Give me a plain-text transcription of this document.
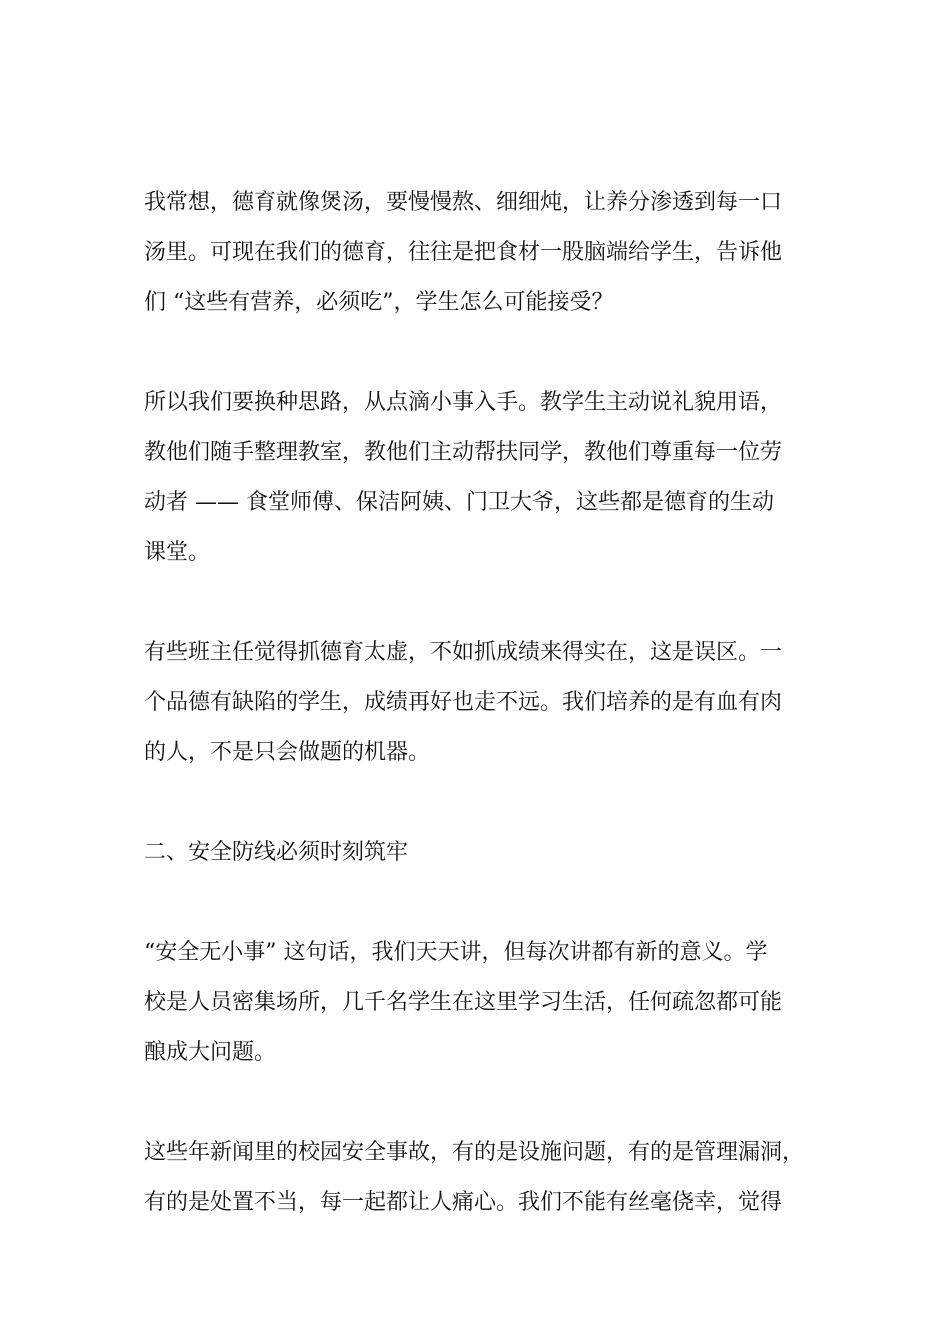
我常想，德育就像煲汤，要慢慢熬、细细炖，让养分渗透到每一口
汤里。可现在我们的德育，往往是把食材一股脑端给学生，告诉他
们 “这些有营养，必须吃”，学生怎么可能接受？

所以我们要换种思路，从点滴小事入手。教学生主动说礼貌用语，
教他们随手整理教室，教他们主动帮扶同学，教他们尊重每一位劳
动者 —— 食堂师傅、保洁阿姨、门卫大爷，这些都是德育的生动
课堂。

有些班主任觉得抓德育太虚，不如抓成绩来得实在，这是误区。一
个品德有缺陷的学生，成绩再好也走不远。我们培养的是有血有肉
的人，不是只会做题的机器。

二、安全防线必须时刻筑牢

“安全无小事” 这句话，我们天天讲，但每次讲都有新的意义。学
校是人员密集场所，几千名学生在这里学习生活，任何疏忽都可能
酿成大问题。

这些年新闻里的校园安全事故，有的是设施问题，有的是管理漏洞，
有的是处置不当，每一起都让人痛心。我们不能有丝毫侥幸，觉得
